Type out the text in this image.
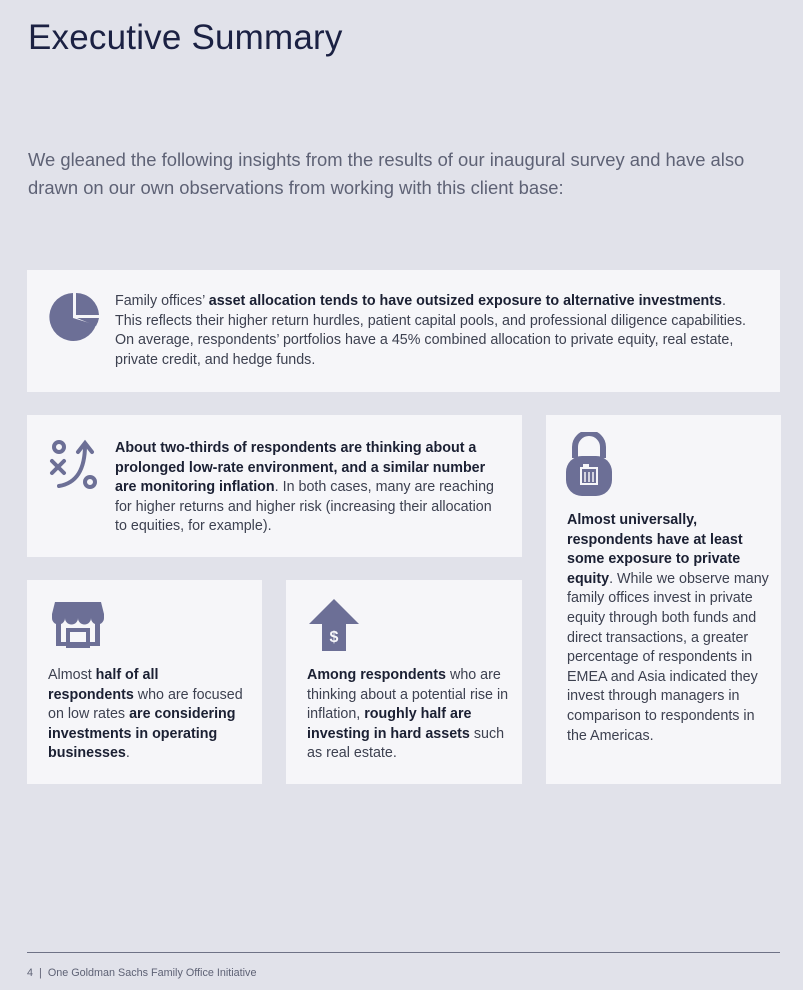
Executive Summary

We gleaned the following insights from the results of our inaugural survey and have also drawn on our own observations from working with this client base:

Family offices’ asset allocation tends to have outsized exposure to alternative investments. This reflects their higher return hurdles, patient capital pools, and professional diligence capabilities. On average, respondents’ portfolios have a 45% combined allocation to private equity, real estate, private credit, and hedge funds.

About two-thirds of respondents are thinking about a prolonged low-rate environment, and a similar number are monitoring inflation. In both cases, many are reaching for higher returns and higher risk (increasing their allocation to equities, for example).	Almost universally, respondents have at least some exposure to private equity. While we observe many family offices invest in private equity through both funds and direct transactions, a greater percentage of respondents in EMEA and Asia indicated they invest through managers in comparison to respondents in the Americas.

Almost half of all respondents who are focused on low rates are considering investments in operating businesses.

$

Among respondents who are thinking about a potential rise in inflation, roughly half are investing in hard assets such as real estate.

4 | One Goldman Sachs Family Office Initiative
